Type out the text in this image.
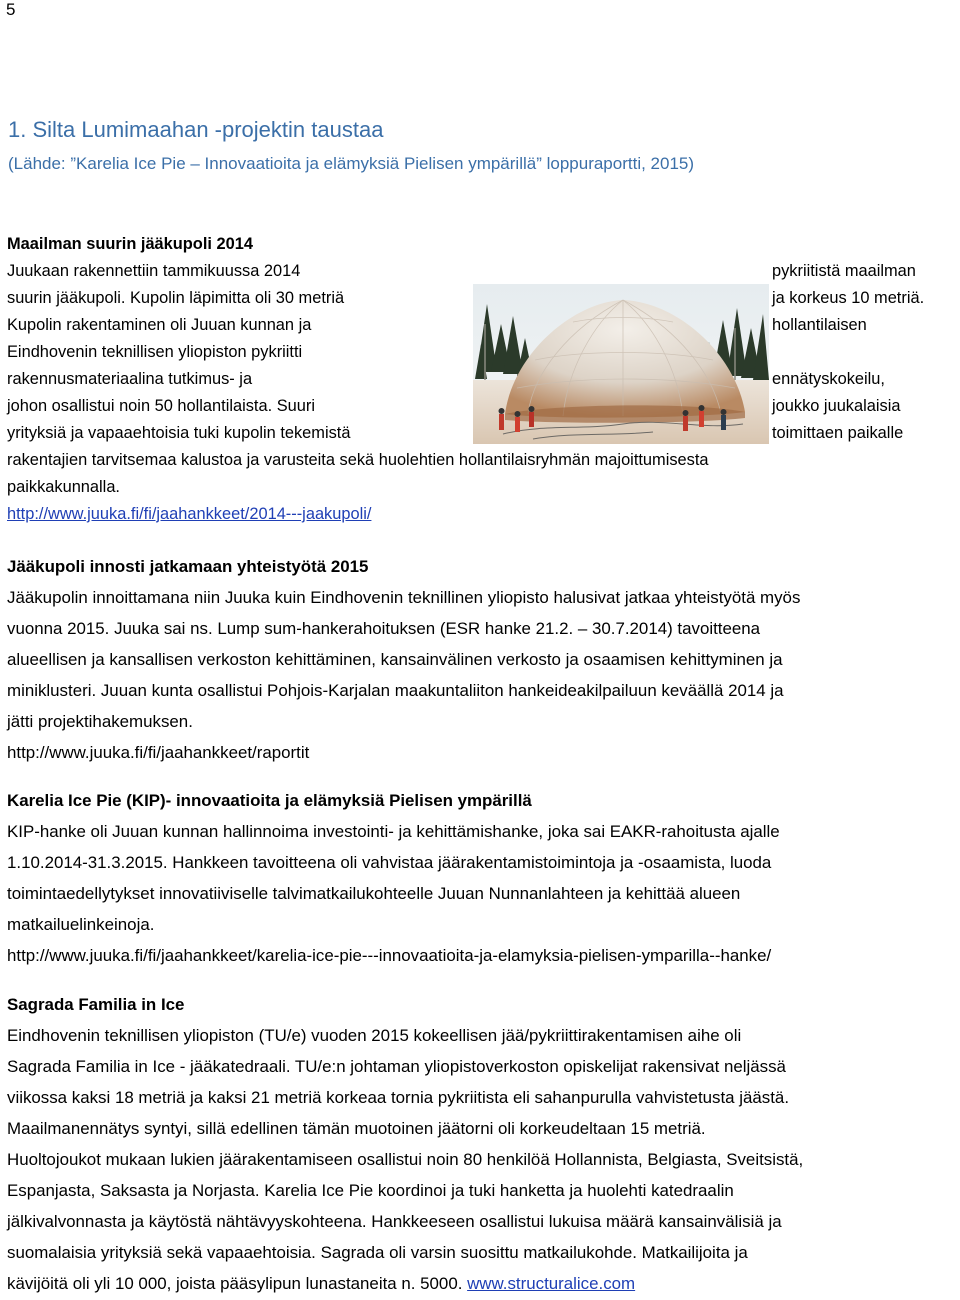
5
1. Silta Lumimaahan -projektin taustaa
(Lähde: ”Karelia Ice Pie – Innovaatioita ja elämyksiä Pielisen ympärillä” loppuraportti, 2015)
Maailman suurin jääkupoli 2014
Juukaan rakennettiin tammikuussa 2014
suurin jääkupoli. Kupolin läpimitta oli 30 metriä
Kupolin rakentaminen oli Juuan kunnan ja
Eindhovenin teknillisen yliopiston pykriitti
rakennusmateriaalina tutkimus- ja
johon osallistui noin 50 hollantilaista. Suuri
yrityksiä ja vapaaehtoisia tuki kupolin tekemistä
pykriitistä maailman
ja korkeus 10 metriä.
hollantilaisen
ennätyskokeilu,
joukko juukalaisia
toimittaen paikalle
rakentajien tarvitsemaa kalustoa ja varusteita sekä huolehtien hollantilaisryhmän majoittumisesta
paikkakunnalla.
http://www.juuka.fi/fi/jaahankkeet/2014---jaakupoli/
Jääkupoli innosti jatkamaan yhteistyötä 2015
Jääkupolin innoittamana niin Juuka kuin Eindhovenin teknillinen yliopisto halusivat jatkaa yhteistyötä myös
vuonna 2015. Juuka sai ns. Lump sum-hankerahoituksen (ESR hanke 21.2. – 30.7.2014) tavoitteena
alueellisen ja kansallisen verkoston kehittäminen, kansainvälinen verkosto ja osaamisen kehittyminen ja
miniklusteri. Juuan kunta osallistui Pohjois-Karjalan maakuntaliiton hankeideakilpailuun keväällä 2014 ja
jätti projektihakemuksen.
http://www.juuka.fi/fi/jaahankkeet/raportit
Karelia Ice Pie (KIP)- innovaatioita ja elämyksiä Pielisen ympärillä
KIP-hanke oli Juuan kunnan hallinnoima investointi- ja kehittämishanke, joka sai EAKR-rahoitusta ajalle
1.10.2014-31.3.2015. Hankkeen tavoitteena oli vahvistaa jäärakentamistoimintoja ja -osaamista, luoda
toimintaedellytykset innovatiiviselle talvimatkailukohteelle Juuan Nunnanlahteen ja kehittää alueen
matkailuelinkeinoja.
http://www.juuka.fi/fi/jaahankkeet/karelia-ice-pie---innovaatioita-ja-elamyksia-pielisen-ymparilla--hanke/
Sagrada Familia in Ice
Eindhovenin teknillisen yliopiston (TU/e) vuoden 2015 kokeellisen jää/pykriittirakentamisen aihe oli
Sagrada Familia in Ice - jääkatedraali. TU/e:n johtaman yliopistoverkoston opiskelijat rakensivat neljässä
viikossa kaksi 18 metriä ja kaksi 21 metriä korkeaa tornia pykriitista eli sahanpurulla vahvistetusta jäästä.
Maailmanennätys syntyi, sillä edellinen tämän muotoinen jäätorni oli korkeudeltaan 15 metriä.
Huoltojoukot mukaan lukien jäärakentamiseen osallistui noin 80 henkilöä Hollannista, Belgiasta, Sveitsistä,
Espanjasta, Saksasta ja Norjasta. Karelia Ice Pie koordinoi ja tuki hanketta ja huolehti katedraalin
jälkivalvonnasta ja käytöstä nähtävyyskohteena. Hankkeeseen osallistui lukuisa määrä kansainvälisiä ja
suomalaisia yrityksiä sekä vapaaehtoisia. Sagrada oli varsin suosittu matkailukohde. Matkailijoita ja
kävijöitä oli yli 10 000, joista pääsylipun lunastaneita n. 5000. www.structuralice.com
